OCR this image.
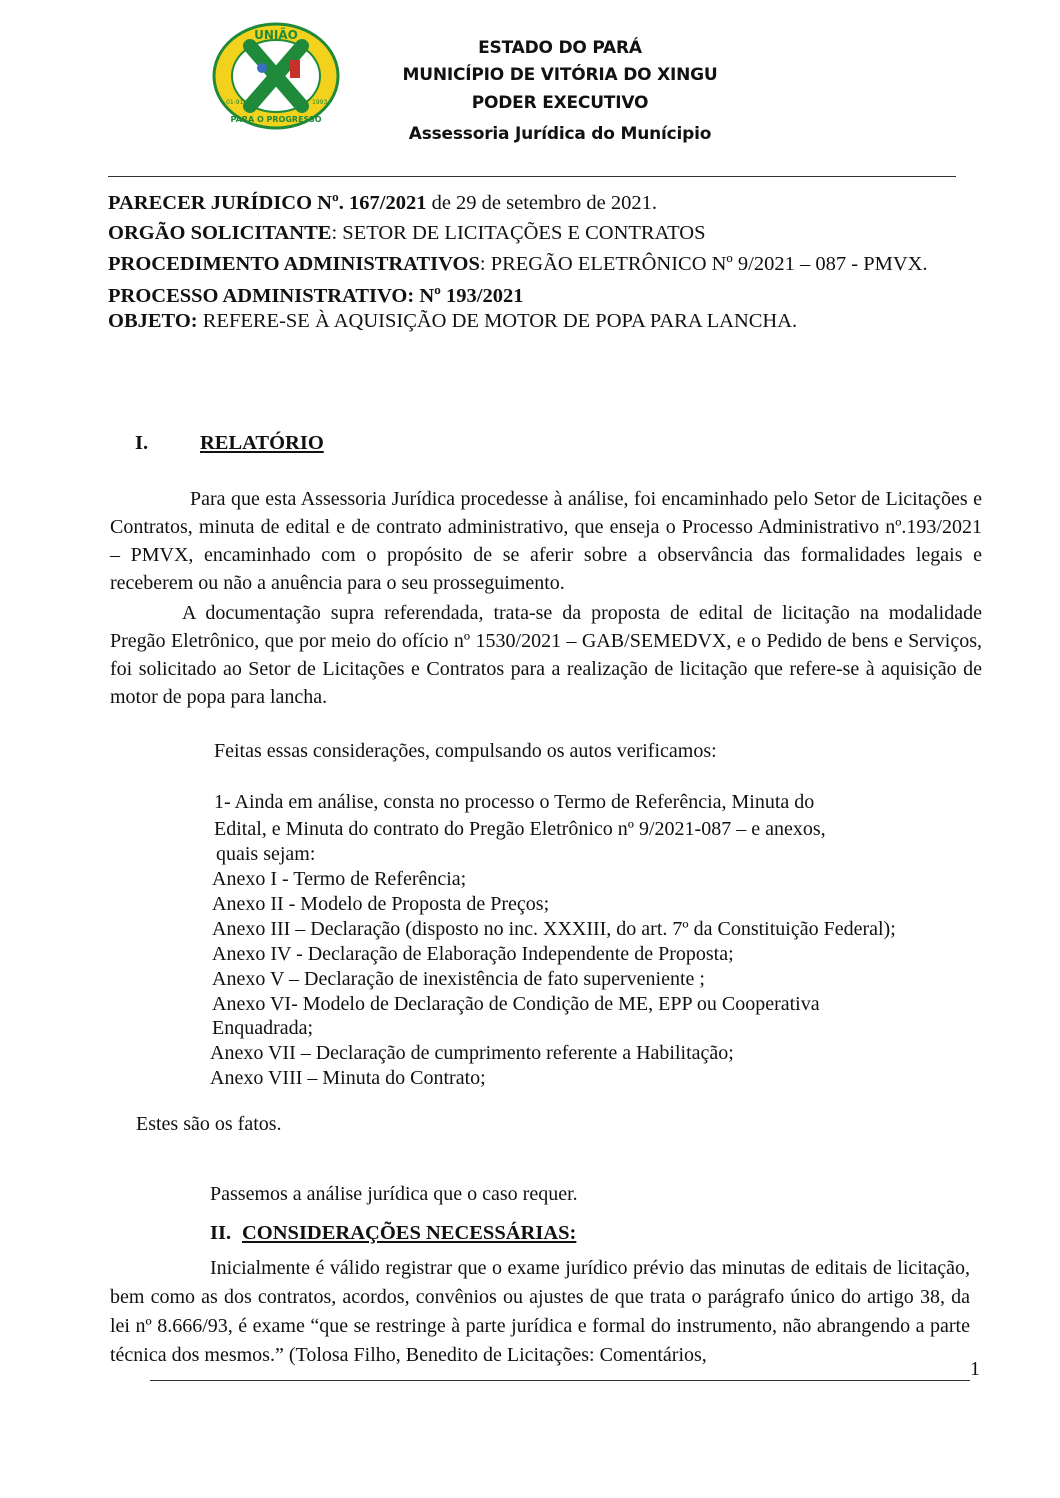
UNIÃO
PARA O PROGRESSO
01-91	1993
ESTADO DO PARÁ
MUNICÍPIO DE VITÓRIA DO XINGU
PODER EXECUTIVO
Assessoria Jurídica do Munícipio
PARECER JURÍDICO Nº. 167/2021 de 29 de setembro de 2021.
ORGÃO SOLICITANTE: SETOR DE LICITAÇÕES E CONTRATOS
PROCEDIMENTO ADMINISTRATIVOS: PREGÃO ELETRÔNICO Nº 9/2021 – 087 - PMVX.
PROCESSO ADMINISTRATIVO: Nº 193/2021
OBJETO: REFERE-SE À AQUISIÇÃO DE MOTOR DE POPA PARA LANCHA.
I.	RELATÓRIO
Para que esta Assessoria Jurídica procedesse à análise, foi encaminhado pelo Setor de Licitações e Contratos, minuta de edital e de contrato administrativo, que enseja o Processo Administrativo nº.193/2021 – PMVX, encaminhado com o propósito de se aferir sobre a observância das formalidades legais e receberem ou não a anuência para o seu prosseguimento.
A documentação supra referendada, trata-se da proposta de edital de licitação na modalidade Pregão Eletrônico, que por meio do ofício nº 1530/2021 – GAB/SEMEDVX, e o Pedido de bens e Serviços, foi solicitado ao Setor de Licitações e Contratos para a realização de licitação que refere-se à aquisição de motor de popa para lancha.
Feitas essas considerações, compulsando os autos verificamos:
1- Ainda em análise, consta no processo o Termo de Referência, Minuta do
Edital, e Minuta do contrato do Pregão Eletrônico nº 9/2021-087 – e anexos,
quais sejam:
Anexo I - Termo de Referência;
Anexo II - Modelo de Proposta de Preços;
Anexo III – Declaração (disposto no inc. XXXIII, do art. 7º da Constituição Federal);
Anexo IV - Declaração de Elaboração Independente de Proposta;
Anexo V – Declaração de inexistência de fato superveniente ;
Anexo VI- Modelo de Declaração de Condição de ME, EPP ou Cooperativa
Enquadrada;
Anexo VII – Declaração de cumprimento referente a Habilitação;
Anexo VIII – Minuta do Contrato;
Estes são os fatos.
Passemos a análise jurídica que o caso requer.
II. CONSIDERAÇÕES NECESSÁRIAS:
Inicialmente é válido registrar que o exame jurídico prévio das minutas de editais de licitação, bem como as dos contratos, acordos, convênios ou ajustes de que trata o parágrafo único do artigo 38, da lei nº 8.666/93, é exame “que se restringe à parte jurídica e formal do instrumento, não abrangendo a parte técnica dos mesmos.” (Tolosa Filho, Benedito de Licitações: Comentários,
1
